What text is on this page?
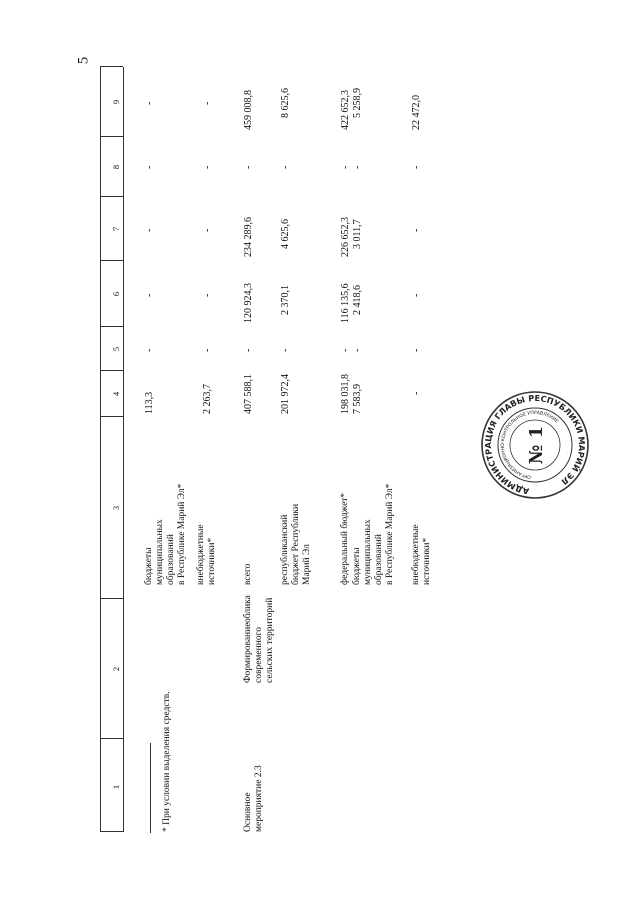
5
1
2
3
4
5
6
7
8
9
Основное мероприятие 2.3
Формирование
облика
современного сельских территорий
бюджеты муниципальных образований в Республике Марий Эл*
113,3
-
-
-
-
-
внебюджетные источники*
2 263,7
-
-
-
-
-
всего
407 588,1
-
120 924,3
234 289,6
-
459 008,8
республиканский бюджет Республики Марий Эл
201 972,4
-
2 370,1
4 625,6
-
8 625,6
федеральный бюджет*
198 031,8
-
116 135,6
226 652,3
-
422 652,3
бюджеты муниципальных образований в Республике Марий Эл*
7 583,9
-
2 418,6
3 011,7
-
5 258,9
внебюджетные источники*
-
-
-
-
-
22 472,0
* При условии выделения средств.
АДМИНИСТРАЦИЯ ГЛАВЫ РЕСПУБЛИКИ МАРИЙ ЭЛ
ОРГАНИЗАЦИОННО-КОНТРОЛЬНОЕ УПРАВЛЕНИЕ
№ 1
